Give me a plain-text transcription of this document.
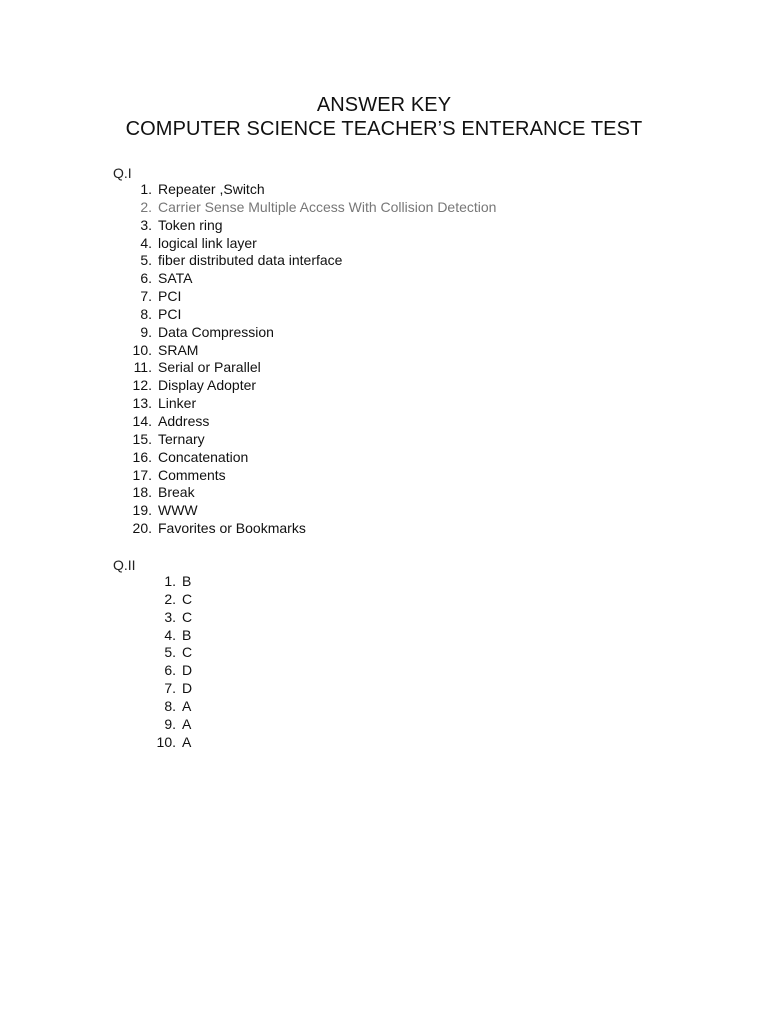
ANSWER KEY
COMPUTER SCIENCE TEACHER’S ENTERANCE TEST
Q.I
1. Repeater ,Switch
2. Carrier Sense Multiple Access With Collision Detection
3. Token ring
4. logical link layer
5. fiber distributed data interface
6. SATA
7. PCI
8. PCI
9. Data Compression
10. SRAM
11. Serial or Parallel
12. Display Adopter
13. Linker
14. Address
15. Ternary
16. Concatenation
17. Comments
18. Break
19. WWW
20. Favorites or Bookmarks
Q.II
1. B
2. C
3. C
4. B
5. C
6. D
7. D
8. A
9. A
10. A
